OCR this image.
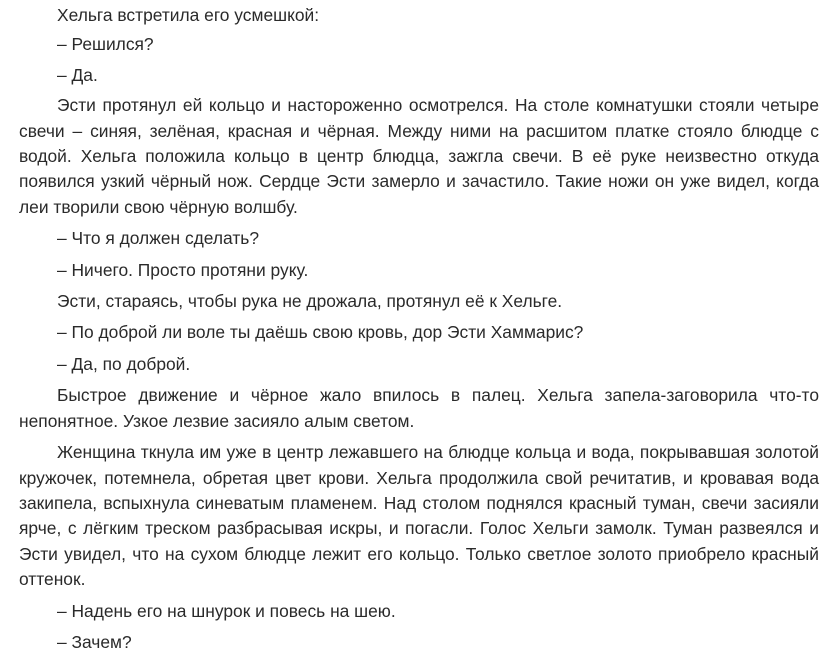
Хельга встретила его усмешкой:

– Решился?

– Да.

Эсти протянул ей кольцо и настороженно осмотрелся. На столе комнатушки стояли четыре свечи – синяя, зелёная, красная и чёрная. Между ними на расшитом платке стояло блюдце с водой. Хельга положила кольцо в центр блюдца, зажгла свечи. В её руке неизвестно откуда появился узкий чёрный нож. Сердце Эсти замерло и зачастило. Такие ножи он уже видел, когда леи творили свою чёрную волшбу.

– Что я должен сделать?

– Ничего. Просто протяни руку.

Эсти, стараясь, чтобы рука не дрожала, протянул её к Хельге.

– По доброй ли воле ты даёшь свою кровь, дор Эсти Хаммарис?

– Да, по доброй.

Быстрое движение и чёрное жало впилось в палец. Хельга запела-заговорила что-то непонятное. Узкое лезвие засияло алым светом.

Женщина ткнула им уже в центр лежавшего на блюдце кольца и вода, покрывавшая золотой кружочек, потемнела, обретая цвет крови. Хельга продолжила свой речитатив, и кровавая вода закипела, вспыхнула синеватым пламенем. Над столом поднялся красный туман, свечи засияли ярче, с лёгким треском разбрасывая искры, и погасли. Голос Хельги замолк. Туман развеялся и Эсти увидел, что на сухом блюдце лежит его кольцо. Только светлое золото приобрело красный оттенок.

– Надень его на шнурок и повесь на шею.

– Зачем?
